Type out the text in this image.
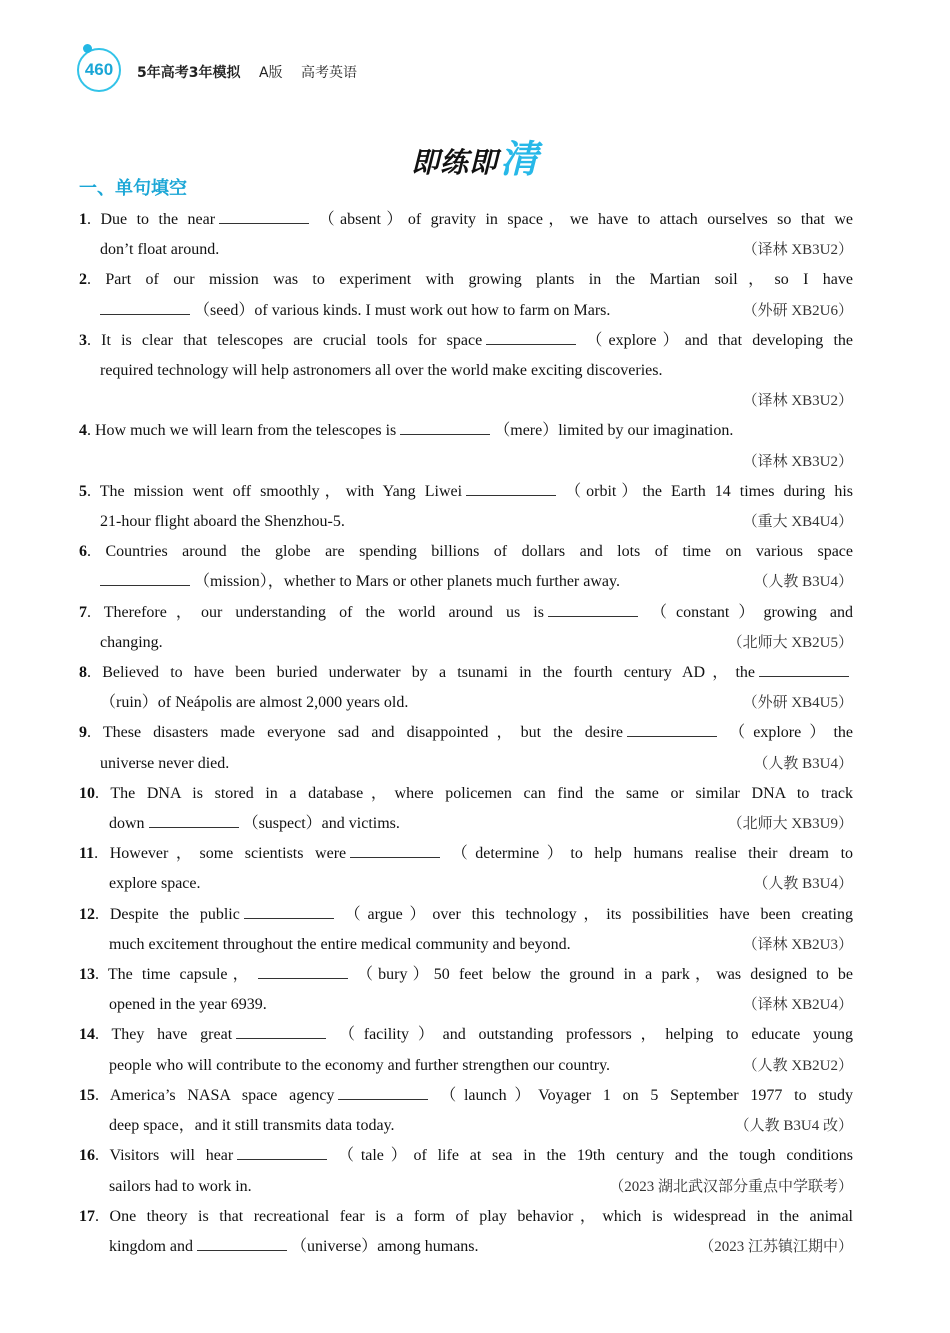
460 5年高考3年模拟 A版 高考英语
即练即清
一、单句填空
1. Due to the near	（absent）of gravity in space，we have to attach ourselves so that we
don’t float around.	（译林 XB3U2）
2. Part of our mission was to experiment with growing plants in the Martian soil，so I have
（seed）of various kinds. I must work out how to farm on Mars.	（外研 XB2U6）
3. It is clear that telescopes are crucial tools for space	（explore）and that developing the
required technology will help astronomers all over the world make exciting discoveries.
（译林 XB3U2）
4. How much we will learn from the telescopes is	（mere）limited by our imagination.
（译林 XB3U2）
5. The mission went off smoothly，with Yang Liwei	（orbit）the Earth 14 times during his
21-hour flight aboard the Shenzhou-5.	（重大 XB4U4）
6. Countries around the globe are spending billions of dollars and lots of time on various space
（mission），whether to Mars or other planets much further away.	（人教 B3U4）
7. Therefore，our understanding of the world around us is	（constant）growing and
changing.	（北师大 XB2U5）
8. Believed to have been buried underwater by a tsunami in the fourth century AD，the
（ruin）of Neápolis are almost 2,000 years old.	（外研 XB4U5）
9. These disasters made everyone sad and disappointed，but the desire	（explore）the
universe never died.	（人教 B3U4）
10. The DNA is stored in a database，where policemen can find the same or similar DNA to track
down	（suspect）and victims.	（北师大 XB3U9）
11. However，some scientists were	（determine）to help humans realise their dream to
explore space.	（人教 B3U4）
12. Despite the public	（argue）over this technology，its possibilities have been creating
much excitement throughout the entire medical community and beyond.	（译林 XB2U3）
13. The time capsule，	（bury）50 feet below the ground in a park，was designed to be
opened in the year 6939.	（译林 XB2U4）
14. They have great	（facility）and outstanding professors，helping to educate young
people who will contribute to the economy and further strengthen our country.	（人教 XB2U2）
15. America’s NASA space agency	（launch）Voyager 1 on 5 September 1977 to study
deep space，and it still transmits data today.	（人教 B3U4 改）
16. Visitors will hear	（tale）of life at sea in the 19th century and the tough conditions
sailors had to work in.	（2023 湖北武汉部分重点中学联考）
17. One theory is that recreational fear is a form of play behavior，which is widespread in the animal
kingdom and	（universe）among humans.	（2023 江苏镇江期中）
